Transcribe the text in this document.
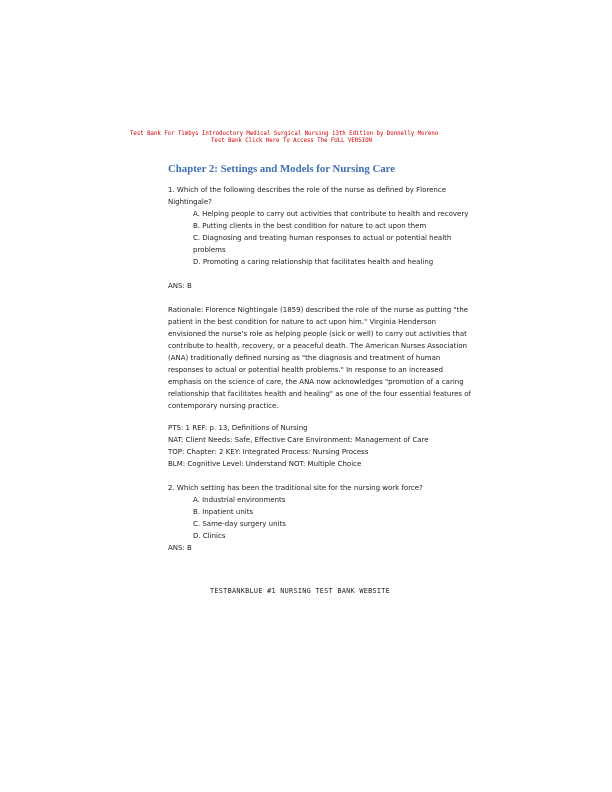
Test Bank For Timbys Introductory Medical Surgical Nursing 13th Edition by Donnelly Moreno
Test Bank Click Here To Access The FULL VERSION
Chapter 2: Settings and Models for Nursing Care
1. Which of the following describes the role of the nurse as defined by Florence
Nightingale?
A. Helping people to carry out activities that contribute to health and recovery
B. Putting clients in the best condition for nature to act upon them
C. Diagnosing and treating human responses to actual or potential health
problems
D. Promoting a caring relationship that facilitates health and healing
ANS: B
Rationale: Florence Nightingale (1859) described the role of the nurse as putting "the
patient in the best condition for nature to act upon him." Virginia Henderson
envisioned the nurse's role as helping people (sick or well) to carry out activities that
contribute to health, recovery, or a peaceful death. The American Nurses Association
(ANA) traditionally defined nursing as "the diagnosis and treatment of human
responses to actual or potential health problems." In response to an increased
emphasis on the science of care, the ANA now acknowledges "promotion of a caring
relationship that facilitates health and healing" as one of the four essential features of
contemporary nursing practice.
PTS: 1 REF: p. 13, Definitions of Nursing
NAT: Client Needs: Safe, Effective Care Environment: Management of Care
TOP: Chapter: 2 KEY: Integrated Process: Nursing Process
BLM: Cognitive Level: Understand NOT: Multiple Choice
2. Which setting has been the traditional site for the nursing work force?
A. Industrial environments
B. Inpatient units
C. Same-day surgery units
D. Clinics
ANS: B
TESTBANKBLUE #1 NURSING TEST BANK WEBSITE
